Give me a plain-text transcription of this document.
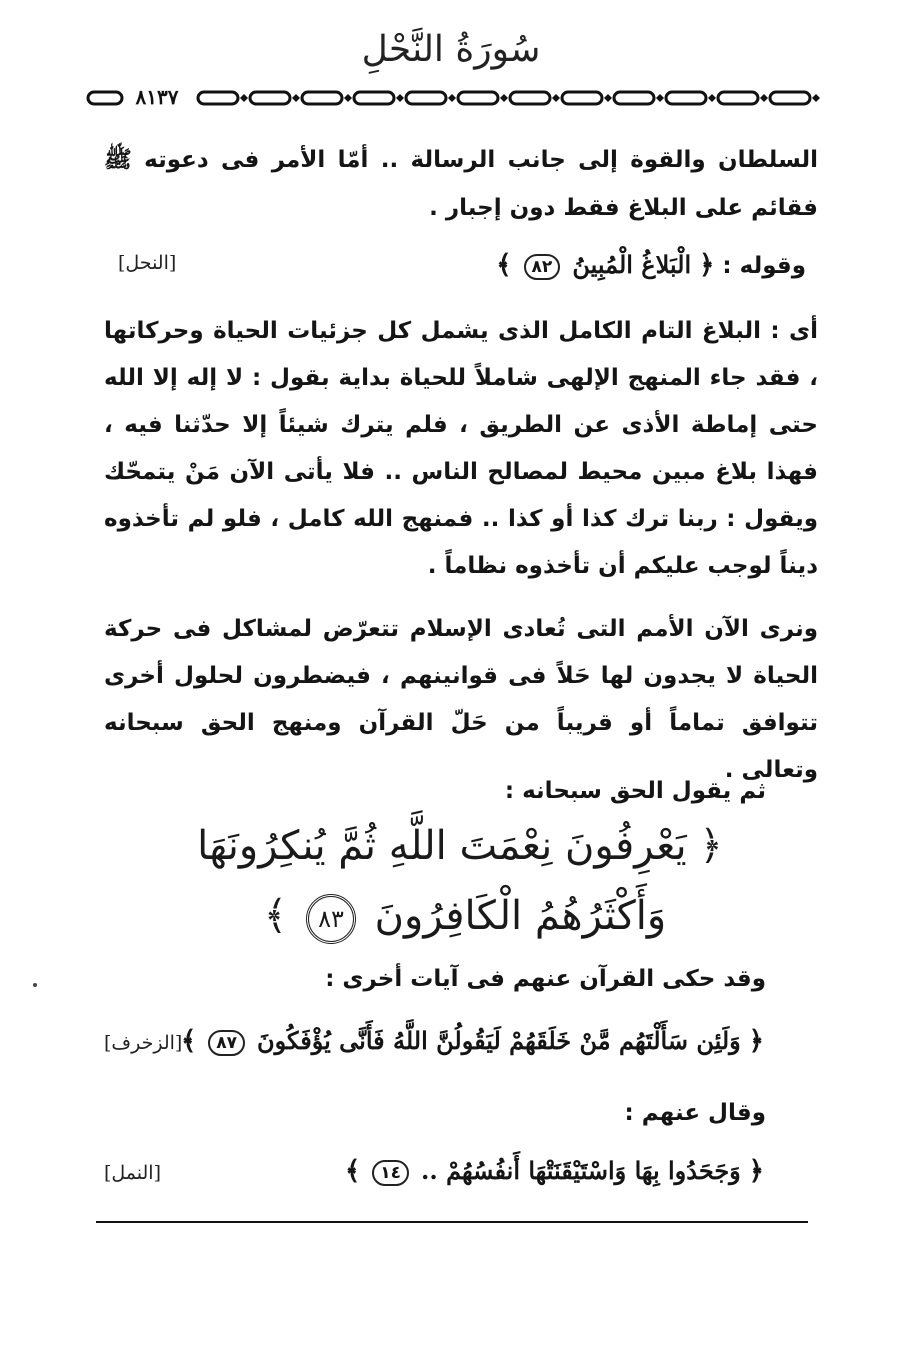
سُورَةُ النَّحْلِ
٨١٣٧
السلطان والقوة إلى جانب الرسالة .. أمّا الأمر فى دعوته ﷺ فقائم على البلاغ فقط دون إجبار .
وقوله : ﴿ الْبَلاغُ الْمُبِينُ ٨٢ ﴾
[النحل]
أى : البلاغ التام الكامل الذى يشمل كل جزئيات الحياة وحركاتها ، فقد جاء المنهج الإلهى شاملاً للحياة بداية بقول : لا إله إلا الله حتى إماطة الأذى عن الطريق ، فلم يترك شيئاً إلا حدّثنا فيه ، فهذا بلاغ مبين محيط لمصالح الناس .. فلا يأتى الآن مَنْ يتمحّك ويقول : ربنا ترك كذا أو كذا .. فمنهج الله كامل ، فلو لم تأخذوه ديناً لوجب عليكم أن تأخذوه نظاماً .
ونرى الآن الأمم التى تُعادى الإسلام تتعرّض لمشاكل فى حركة الحياة لا يجدون لها حَلاً فى قوانينهم ، فيضطرون لحلول أخرى تتوافق تماماً أو قريباً من حَلّ القرآن ومنهج الحق سبحانه وتعالى .
ثم يقول الحق سبحانه :
﴿ يَعْرِفُونَ نِعْمَتَ اللَّهِ ثُمَّ يُنكِرُونَهَا
وَأَكْثَرُهُمُ الْكَافِرُونَ ٨٣ ﴾
وقد حكى القرآن عنهم فى آيات أخرى :
﴿ وَلَئِن سَأَلْتَهُم مَّنْ خَلَقَهُمْ لَيَقُولُنَّ اللَّهُ فَأَنَّى يُؤْفَكُونَ ٨٧ ﴾
[الزخرف]
وقال عنهم :
﴿ وَجَحَدُوا بِهَا وَاسْتَيْقَنَتْهَا أَنفُسُهُمْ .. ١٤ ﴾
[النمل]
